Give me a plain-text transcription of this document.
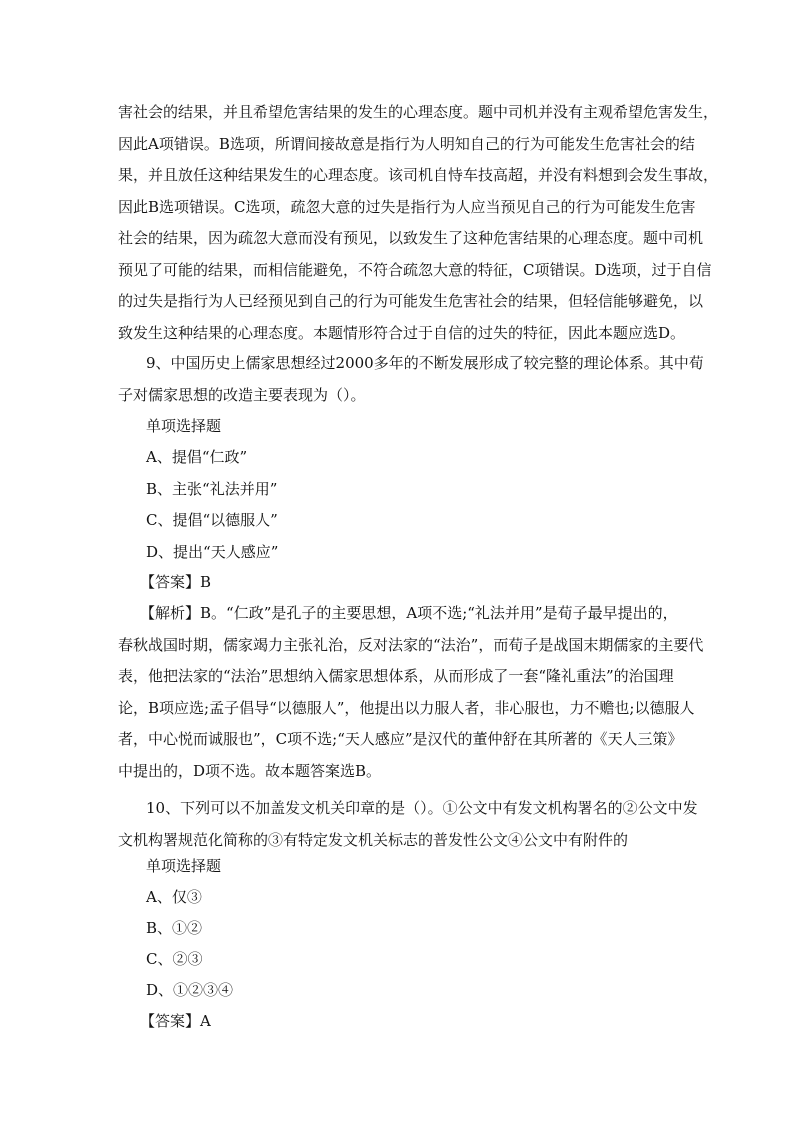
害社会的结果，并且希望危害结果的发生的心理态度。题中司机并没有主观希望危害发生，
因此A项错误。B选项，所谓间接故意是指行为人明知自己的行为可能发生危害社会的结
果，并且放任这种结果发生的心理态度。该司机自恃车技高超，并没有料想到会发生事故，
因此B选项错误。C选项，疏忽大意的过失是指行为人应当预见自己的行为可能发生危害
社会的结果，因为疏忽大意而没有预见，以致发生了这种危害结果的心理态度。题中司机
预见了可能的结果，而相信能避免，不符合疏忽大意的特征，C项错误。D选项，过于自信
的过失是指行为人已经预见到自己的行为可能发生危害社会的结果，但轻信能够避免，以
致发生这种结果的心理态度。本题情形符合过于自信的过失的特征，因此本题应选D。
9、中国历史上儒家思想经过2000多年的不断发展形成了较完整的理论体系。其中荀
子对儒家思想的改造主要表现为（）。
单项选择题
A、提倡“仁政”
B、主张“礼法并用”
C、提倡“以德服人”
D、提出“天人感应”
【答案】B
【解析】B。“仁政”是孔子的主要思想，A项不选;“礼法并用”是荀子最早提出的，
春秋战国时期，儒家竭力主张礼治，反对法家的“法治”，而荀子是战国末期儒家的主要代
表，他把法家的“法治”思想纳入儒家思想体系，从而形成了一套“隆礼重法”的治国理
论，B项应选;孟子倡导“以德服人”，他提出以力服人者，非心服也，力不赡也;以德服人
者，中心悦而诚服也”，C项不选;“天人感应”是汉代的董仲舒在其所著的《天人三策》
中提出的，D项不选。故本题答案选B。
10、下列可以不加盖发文机关印章的是（）。①公文中有发文机构署名的②公文中发
文机构署规范化简称的③有特定发文机关标志的普发性公文④公文中有附件的
单项选择题
A、仅③
B、①②
C、②③
D、①②③④
【答案】A
